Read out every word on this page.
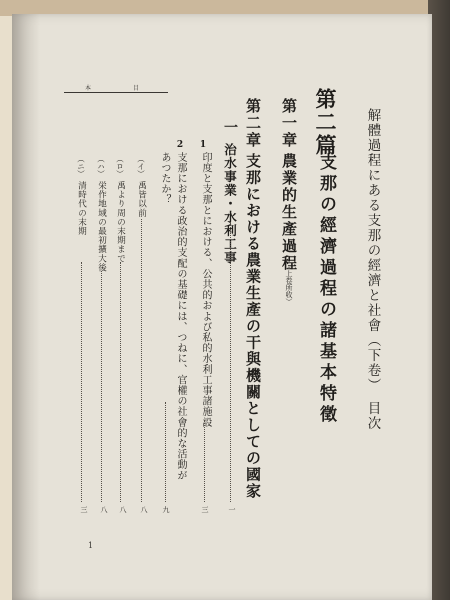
本　目
解體過程にある支那の經濟と社會（下卷）　目次
第二篇
支那の經濟過程の諸基本特徵
第一章
農業的生產過程
（上卷所收）
第二章
支那における農業生產の干與機關としての國家
一
治水事業・水利工事
一
1
印度と支那とにおける、公共的および私的水利工事諸施設
三
2
支那における政治的支配の基礎には、つねに、官權の社會的な活動が
あつたか？
九
（イ）
禹皆以前
八
（ロ）
禹より周の末期まで
八
（ハ）
栄作地域の最初擴大後
八
（ニ）
清時代の末期
三
1
